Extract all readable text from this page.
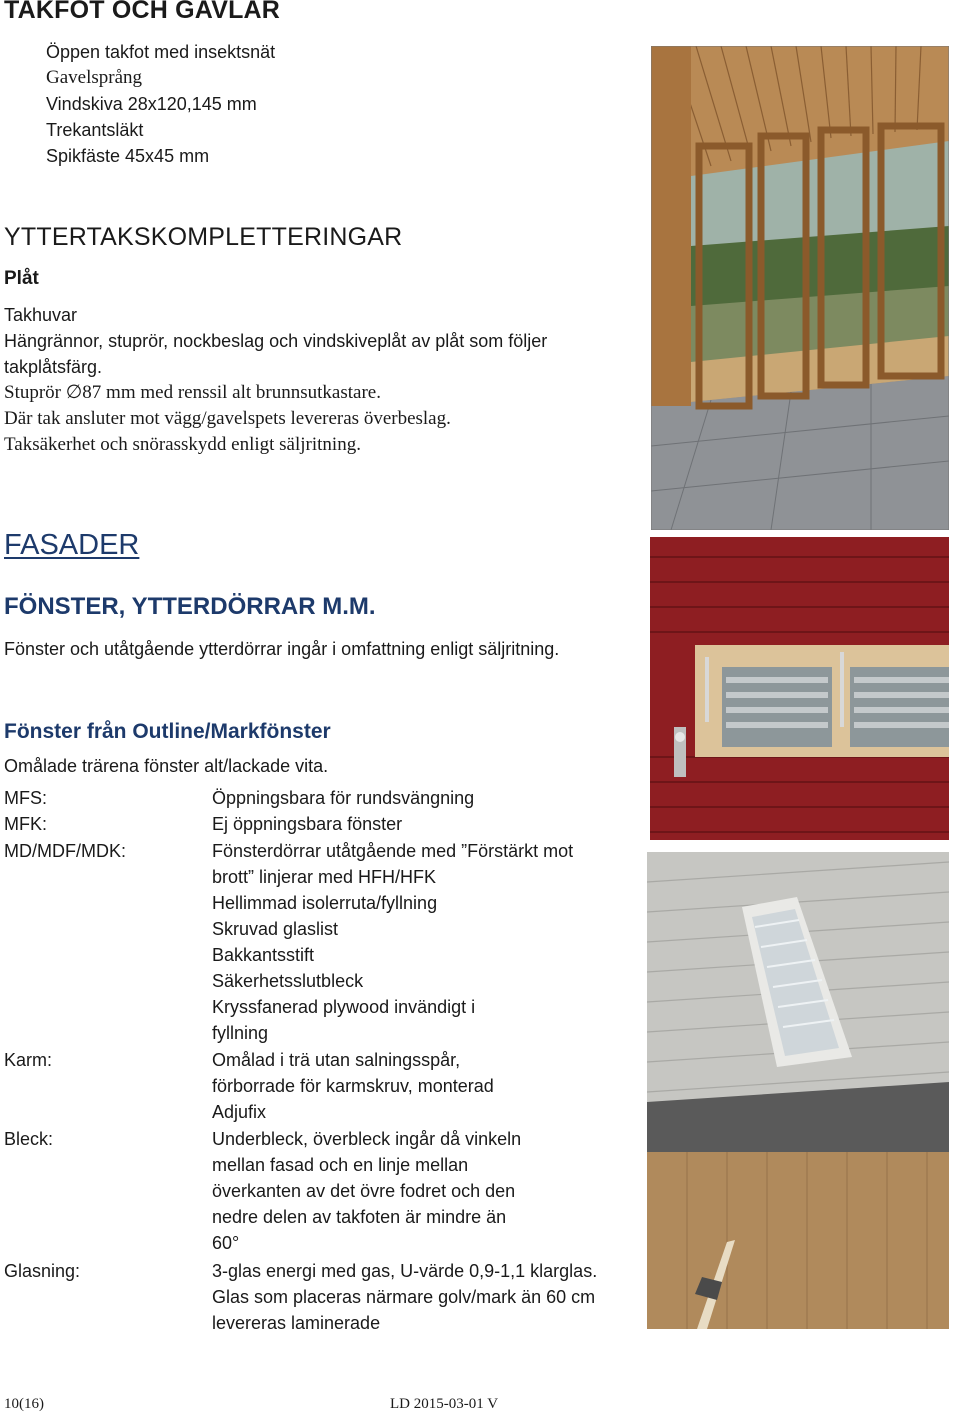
TAKFOT OCH GAVLAR
Öppen takfot med insektsnät
Gavelsprång
Vindskiva 28x120,145 mm
Trekantsläkt
Spikfäste 45x45 mm
YTTERTAKSKOMPLETTERINGAR
Plåt
Takhuvar
Hängrännor, stuprör, nockbeslag och vindskiveplåt av plåt som följer
takplåtsfärg.
Stuprör ∅87 mm med renssil alt brunnsutkastare.
Där tak ansluter mot vägg/gavelspets levereras överbeslag.
Taksäkerhet och snörasskydd enligt säljritning.
FASADER
FÖNSTER, YTTERDÖRRAR M.M.
Fönster och utåtgående ytterdörrar ingår i omfattning enligt säljritning.
Fönster från Outline/Markfönster
Omålade trärena fönster alt/lackade vita.
MFS:	Öppningsbara för rundsvängning
MFK:	Ej öppningsbara fönster
MD/MDF/MDK:	Fönsterdörrar utåtgående med ”Förstärkt mot
brott” linjerar med HFH/HFK
Hellimmad isolerruta/fyllning
Skruvad glaslist
Bakkantsstift
Säkerhetsslutbleck
Kryssfanerad plywood invändigt i
fyllning
Karm:	Omålad i trä utan salningsspår,
förborrade för karmskruv, monterad
Adjufix
Bleck:	Underbleck, överbleck ingår då vinkeln
mellan fasad och en linje mellan
överkanten av det övre fodret och den
nedre delen av takfoten är mindre än
60°
Glasning:	3-glas energi med gas, U-värde 0,9-1,1 klarglas.
Glas som placeras närmare golv/mark än 60 cm
levereras laminerade
10(16)	LD 2015-03-01 V
